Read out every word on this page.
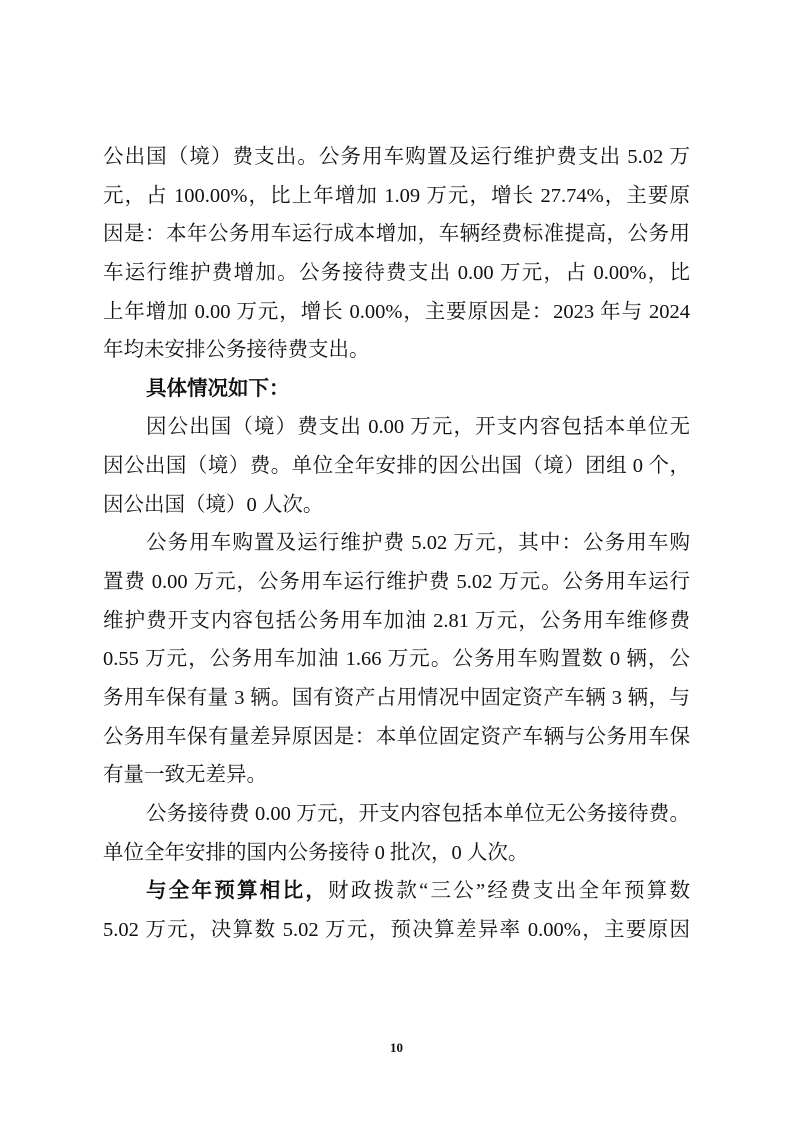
公出国（境）费支出。公务用车购置及运行维护费支出 5.02 万
元，占 100.00%，比上年增加 1.09 万元，增长 27.74%，主要原
因是：本年公务用车运行成本增加，车辆经费标准提高，公务用
车运行维护费增加。公务接待费支出 0.00 万元，占 0.00%，比
上年增加 0.00 万元，增长 0.00%，主要原因是：2023 年与 2024
年均未安排公务接待费支出。
具体情况如下：
因公出国（境）费支出 0.00 万元，开支内容包括本单位无
因公出国（境）费。单位全年安排的因公出国（境）团组 0 个，
因公出国（境）0 人次。
公务用车购置及运行维护费 5.02 万元，其中：公务用车购
置费 0.00 万元，公务用车运行维护费 5.02 万元。公务用车运行
维护费开支内容包括公务用车加油 2.81 万元，公务用车维修费
0.55 万元，公务用车加油 1.66 万元。公务用车购置数 0 辆，公
务用车保有量 3 辆。国有资产占用情况中固定资产车辆 3 辆，与
公务用车保有量差异原因是：本单位固定资产车辆与公务用车保
有量一致无差异。
公务接待费 0.00 万元，开支内容包括本单位无公务接待费。
单位全年安排的国内公务接待 0 批次，0 人次。
与全年预算相比，财政拨款“三公”经费支出全年预算数
5.02 万元，决算数 5.02 万元，预决算差异率 0.00%，主要原因
10
